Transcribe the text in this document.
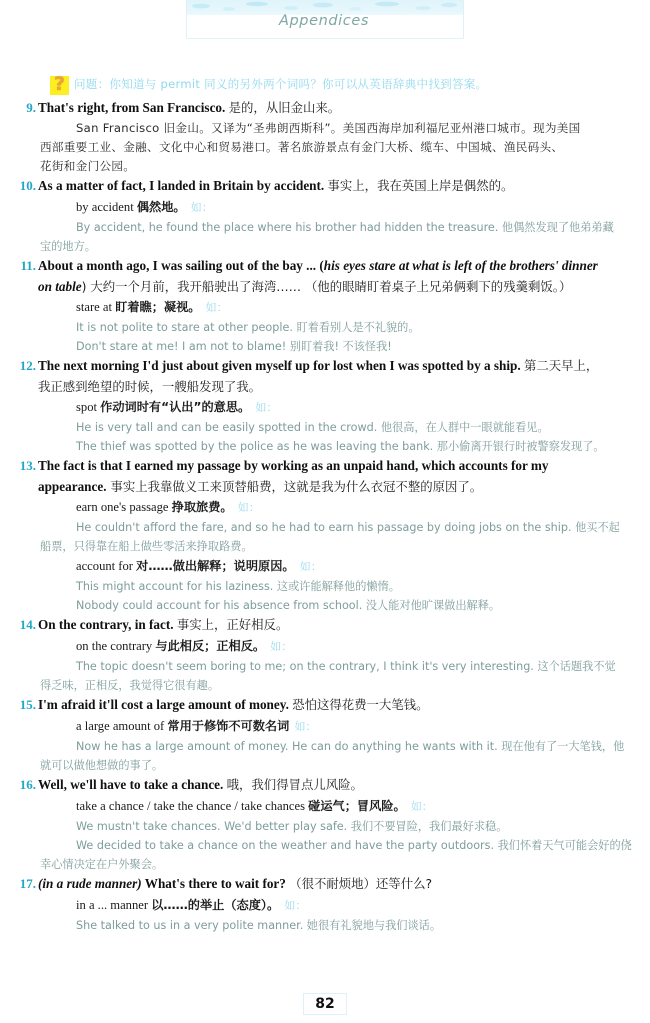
Appendices
? 问题：你知道与 permit 同义的另外两个词吗？你可以从英语辞典中找到答案。
9. That's right, from San Francisco. 是的，从旧金山来。
San Francisco 旧金山。又译为“圣弗朗西斯科”。美国西海岸加利福尼亚州港口城市。现为美国
西部重要工业、金融、文化中心和贸易港口。著名旅游景点有金门大桥、缆车、中国城、渔民码头、
花街和金门公园。
10. As a matter of fact, I landed in Britain by accident. 事实上，我在英国上岸是偶然的。
by accident 偶然地。 如：
By accident, he found the place where his brother had hidden the treasure. 他偶然发现了他弟弟藏
宝的地方。
11. About a month ago, I was sailing out of the bay ... (his eyes stare at what is left of the brothers' dinner
on table) 大约一个月前，我开船驶出了海湾…… （他的眼睛盯着桌子上兄弟俩剩下的残羹剩饭。）
stare at 盯着瞧；凝视。 如：
It is not polite to stare at other people. 盯着看别人是不礼貌的。
Don't stare at me! I am not to blame! 别盯着我! 不该怪我!
12. The next morning I'd just about given myself up for lost when I was spotted by a ship. 第二天早上，
我正感到绝望的时候，一艘船发现了我。
spot 作动词时有“认出”的意思。 如：
He is very tall and can be easily spotted in the crowd. 他很高，在人群中一眼就能看见。
The thief was spotted by the police as he was leaving the bank. 那小偷离开银行时被警察发现了。
13. The fact is that I earned my passage by working as an unpaid hand, which accounts for my
appearance. 事实上我靠做义工来顶替船费，这就是我为什么衣冠不整的原因了。
earn one's passage 挣取旅费。 如：
He couldn't afford the fare, and so he had to earn his passage by doing jobs on the ship. 他买不起
船票，只得靠在船上做些零活来挣取路费。
account for 对……做出解释；说明原因。 如：
This might account for his laziness. 这或许能解释他的懒惰。
Nobody could account for his absence from school. 没人能对他旷课做出解释。
14. On the contrary, in fact. 事实上，正好相反。
on the contrary 与此相反；正相反。 如：
The topic doesn't seem boring to me; on the contrary, I think it's very interesting. 这个话题我不觉
得乏味，正相反，我觉得它很有趣。
15. I'm afraid it'll cost a large amount of money. 恐怕这得花费一大笔钱。
a large amount of 常用于修饰不可数名词 如：
Now he has a large amount of money. He can do anything he wants with it. 现在他有了一大笔钱，他
就可以做他想做的事了。
16. Well, we'll have to take a chance. 哦，我们得冒点儿风险。
take a chance / take the chance / take chances 碰运气；冒风险。 如：
We mustn't take chances. We'd better play safe. 我们不要冒险，我们最好求稳。
We decided to take a chance on the weather and have the party outdoors. 我们怀着天气可能会好的侥
幸心情决定在户外聚会。
17. (in a rude manner) What's there to wait for? （很不耐烦地）还等什么?
in a ... manner 以……的举止（态度）。 如：
She talked to us in a very polite manner. 她很有礼貌地与我们谈话。
82
